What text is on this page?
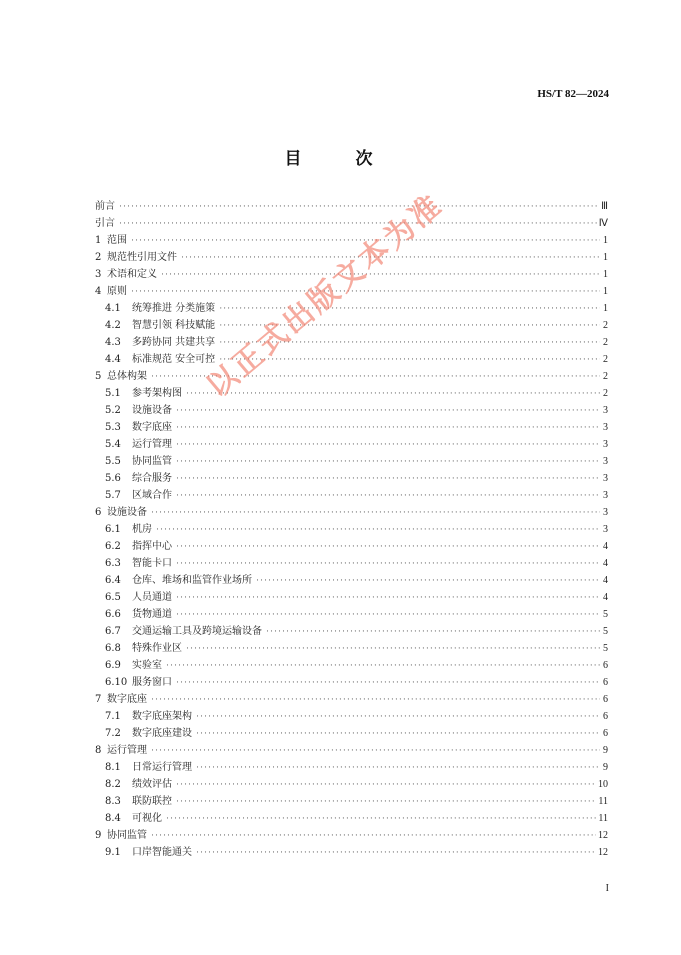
HS/T 82—2024
目 次
前言 ·····	Ⅲ
引言 ·····	Ⅳ
1 范围 ·····	1
2 规范性引用文件 ·····	1
3 术语和定义 ·····	1
4 原则 ·····	1
4.1	统筹推进 分类施策 ·····	1
4.2	智慧引领 科技赋能 ·····	2
4.3	多跨协同 共建共享 ·····	2
4.4	标准规范 安全可控 ·····	2
5 总体构架 ·····	2
5.1	参考架构图 ·····	2
5.2	设施设备 ·····	3
5.3	数字底座 ·····	3
5.4	运行管理 ·····	3
5.5	协同监管 ·····	3
5.6	综合服务 ·····	3
5.7	区域合作 ·····	3
6 设施设备 ·····	3
6.1	机房 ·····	3
6.2	指挥中心 ·····	4
6.3	智能卡口 ·····	4
6.4	仓库、堆场和监管作业场所 ·····	4
6.5	人员通道 ·····	4
6.6	货物通道 ·····	5
6.7	交通运输工具及跨境运输设备 ·····	5
6.8	特殊作业区 ·····	5
6.9	实验室 ·····	6
6.10 服务窗口 ·····	6
7 数字底座 ·····	6
7.1	数字底座架构 ·····	6
7.2	数字底座建设 ·····	6
8 运行管理 ·····	9
8.1	日常运行管理 ·····	9
8.2	绩效评估 ·····	10
8.3	联防联控 ·····	11
8.4	可视化 ·····	11
9 协同监管 ·····	12
9.1	口岸智能通关 ·····	12
以正式出版文本为准
I
